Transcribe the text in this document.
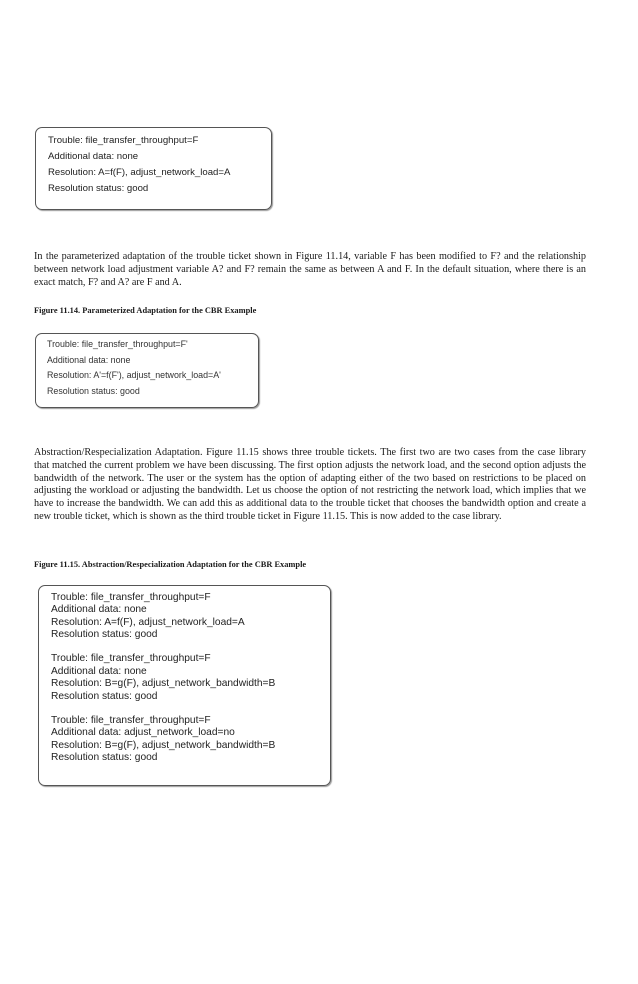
Trouble: file_transfer_throughput=F
Additional data: none
Resolution: A=f(F), adjust_network_load=A
Resolution status: good

In the parameterized adaptation of the trouble ticket shown in Figure 11.14, variable F has been modified to F? and the relationship between network load adjustment variable A? and F? remain the same as between A and F. In the default situation, where there is an exact match, F? and A? are F and A.

Figure 11.14. Parameterized Adaptation for the CBR Example

Trouble: file_transfer_throughput=F'
Additional data: none
Resolution: A'=f(F'), adjust_network_load=A'
Resolution status: good

Abstraction/Respecialization Adaptation. Figure 11.15 shows three trouble tickets. The first two are two cases from the case library that matched the current problem we have been discussing. The first option adjusts the network load, and the second option adjusts the bandwidth of the network. The user or the system has the option of adapting either of the two based on restrictions to be placed on adjusting the workload or adjusting the bandwidth. Let us choose the option of not restricting the network load, which implies that we have to increase the bandwidth. We can add this as additional data to the trouble ticket that chooses the bandwidth option and create a new trouble ticket, which is shown as the third trouble ticket in Figure 11.15. This is now added to the case library.

Figure 11.15. Abstraction/Respecialization Adaptation for the CBR Example

Trouble: file_transfer_throughput=F
Additional data: none
Resolution: A=f(F), adjust_network_load=A
Resolution status: good
Trouble: file_transfer_throughput=F
Additional data: none
Resolution: B=g(F), adjust_network_bandwidth=B
Resolution status: good
Trouble: file_transfer_throughput=F
Additional data: adjust_network_load=no
Resolution: B=g(F), adjust_network_bandwidth=B
Resolution status: good
